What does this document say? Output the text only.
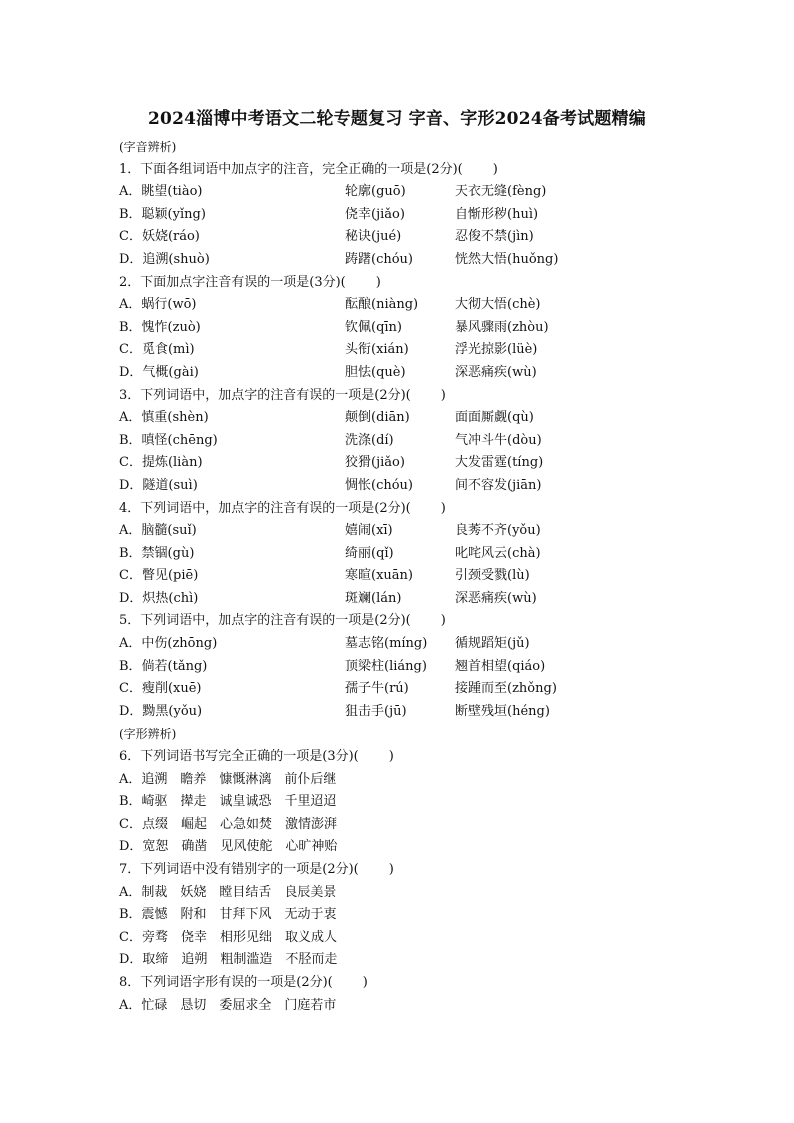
2024淄博中考语文二轮专题复习 字音、字形2024备考试题精编
(字音辨析)
1．下面各组词语中加点字的注音，完全正确的一项是(2分)( )
A．眺望(tiào)	轮廓(guō)	天衣无缝(fèng)
B．聪颖(yǐng)	侥幸(jiǎo)	自惭形秽(huì)
C．妖娆(ráo)	秘诀(jué)	忍俊不禁(jìn)
D．追溯(shuò)	踌躇(chóu)	恍然大悟(huǒng)
2．下面加点字注音有误的一项是(3分)( )
A．蜗行(wō)	酝酿(niàng)	大彻大悟(chè)
B．愧怍(zuò)	钦佩(qīn)	暴风骤雨(zhòu)
C．觅食(mì)	头衔(xián)	浮光掠影(lüè)
D．气概(gài)	胆怯(què)	深恶痛疾(wù)
3．下列词语中，加点字的注音有误的一项是(2分)( )
A．慎重(shèn)	颠倒(diān)	面面厮觑(qù)
B．嗔怪(chēng)	洗涤(dí)	气冲斗牛(dòu)
C．提炼(liàn)	狡猾(jiǎo)	大发雷霆(tíng)
D．隧道(suì)	惆怅(chóu)	间不容发(jiān)
4．下列词语中，加点字的注音有误的一项是(2分)( )
A．脑髓(suǐ)	嬉闹(xī)	良莠不齐(yǒu)
B．禁锢(gù)	绮丽(qǐ)	叱咤风云(chà)
C．瞥见(piē)	寒暄(xuān)	引颈受戮(lù)
D．炽热(chì)	斑斓(lán)	深恶痛疾(wù)
5．下列词语中，加点字的注音有误的一项是(2分)( )
A．中伤(zhōng)	墓志铭(míng) 循规蹈矩(jǔ)
B．倘若(tǎng)	顶梁柱(liáng) 翘首相望(qiáo)
C．瘦削(xuē)	孺子牛(rú)	接踵而至(zhǒng)
D．黝黑(yǒu)	狙击手(jū)	断壁残垣(héng)
(字形辨析)
6．下列词语书写完全正确的一项是(3分)( )
A．追溯　瞻养　慷慨淋漓　前仆后继
B．崎驱　撵走　诚皇诚恐　千里迢迢
C．点缀　崛起　心急如焚　激情澎湃
D．宽恕　确凿　见风使舵　心旷神贻
7．下列词语中没有错别字的一项是(2分)( )
A．制裁　妖娆　瞠目结舌　良辰美景
B．震憾　附和　甘拜下风　无动于衷
C．旁骛　侥幸　相形见绌　取义成人
D．取缔　追朔　粗制滥造　不胫而走
8．下列词语字形有误的一项是(2分)( )
A．忙碌　恳切　委屈求全　门庭若市
